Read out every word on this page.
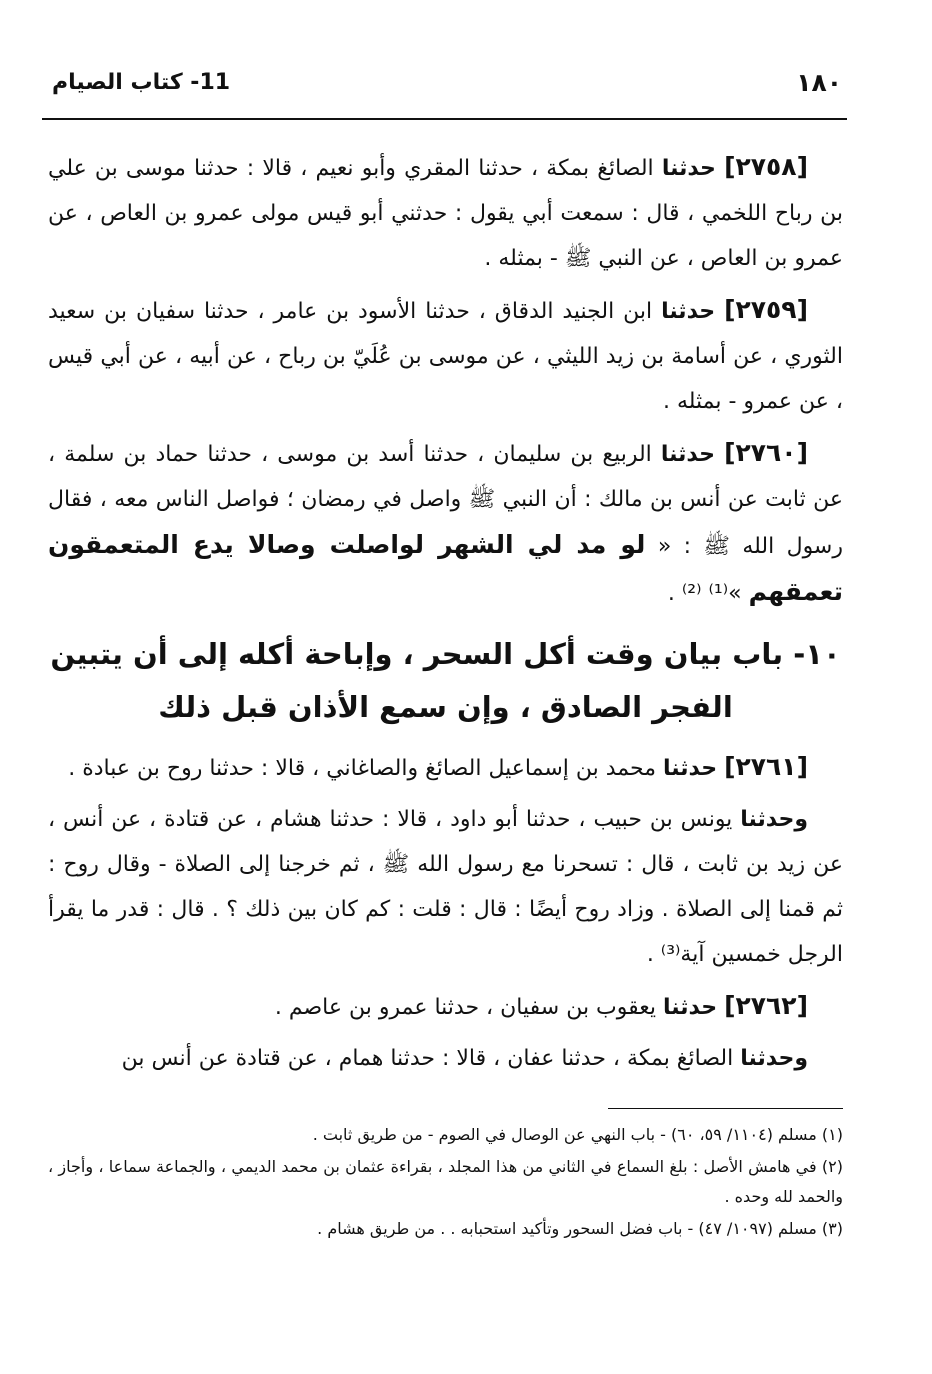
١٨٠
11- كتاب الصيام

[٢٧٥٨] حدثنا الصائغ بمكة ، حدثنا المقري وأبو نعيم ، قالا : حدثنا موسى بن علي بن رباح اللخمي ، قال : سمعت أبي يقول : حدثني أبو قيس مولى عمرو بن العاص ، عن عمرو بن العاص ، عن النبي ﷺ - بمثله .

[٢٧٥٩] حدثنا ابن الجنيد الدقاق ، حدثنا الأسود بن عامر ، حدثنا سفيان بن سعيد الثوري ، عن أسامة بن زيد الليثي ، عن موسى بن عُلَيّ بن رباح ، عن أبيه ، عن أبي قيس ، عن عمرو - بمثله .

[٢٧٦٠] حدثنا الربيع بن سليمان ، حدثنا أسد بن موسى ، حدثنا حماد بن سلمة ، عن ثابت عن أنس بن مالك : أن النبي ﷺ واصل في رمضان ؛ فواصل الناس معه ، فقال رسول الله ﷺ : « لو مد لي الشهر لواصلت وصالا يدع المتعمقون تعمقهم »⁽¹⁾ ⁽²⁾ .

١٠- باب بيان وقت أكل السحر ، وإباحة أكله إلى أن يتبين الفجر الصادق ، وإن سمع الأذان قبل ذلك

[٢٧٦١] حدثنا محمد بن إسماعيل الصائغ والصاغاني ، قالا : حدثنا روح بن عبادة .

وحدثنا يونس بن حبيب ، حدثنا أبو داود ، قالا : حدثنا هشام ، عن قتادة ، عن أنس ، عن زيد بن ثابت ، قال : تسحرنا مع رسول الله ﷺ ، ثم خرجنا إلى الصلاة - وقال روح : ثم قمنا إلى الصلاة . وزاد روح أيضًا : قال : قلت : كم كان بين ذلك ؟ . قال : قدر ما يقرأ الرجل خمسين آية⁽³⁾ .

[٢٧٦٢] حدثنا يعقوب بن سفيان ، حدثنا عمرو بن عاصم .

وحدثنا الصائغ بمكة ، حدثنا عفان ، قالا : حدثنا همام ، عن قتادة عن أنس بن

(١) مسلم (١١٠٤/ ٥٩، ٦٠) - باب النهي عن الوصال في الصوم - من طريق ثابت .

(٢) في هامش الأصل : بلغ السماع في الثاني من هذا المجلد ، بقراءة عثمان بن محمد الديمي ، والجماعة سماعا ، وأجاز ، والحمد لله وحده .

(٣) مسلم (١٠٩٧/ ٤٧) - باب فضل السحور وتأكيد استحبابه . . من طريق هشام .
